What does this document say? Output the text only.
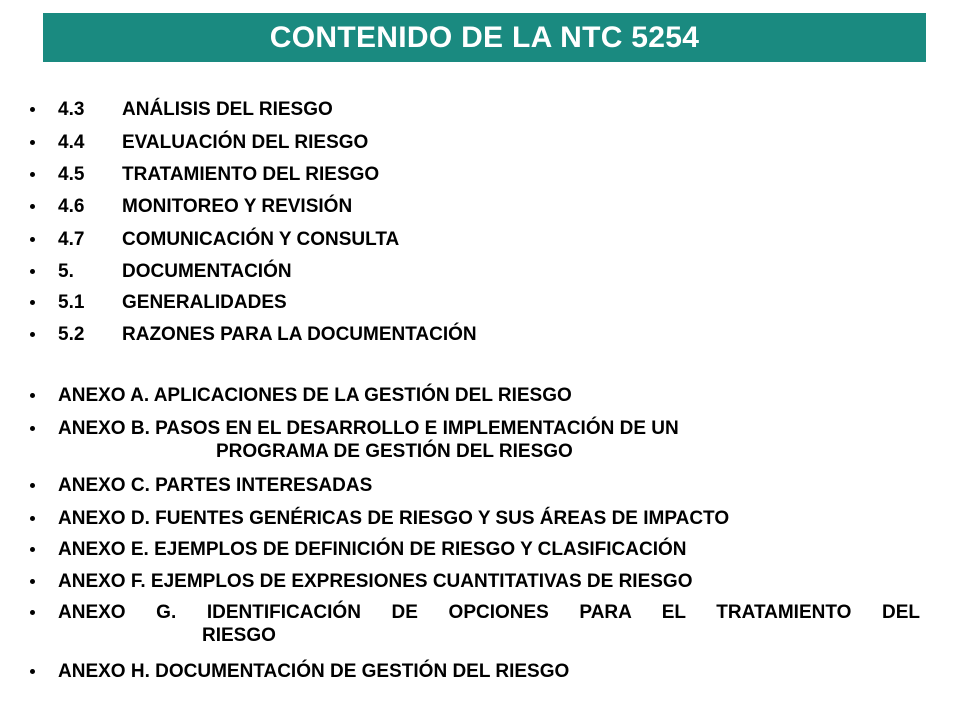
CONTENIDO DE LA NTC 5254
4.3 ANÁLISIS DEL RIESGO
4.4 EVALUACIÓN DEL RIESGO
4.5 TRATAMIENTO DEL RIESGO
4.6 MONITOREO Y REVISIÓN
4.7 COMUNICACIÓN Y CONSULTA
5.	DOCUMENTACIÓN
5.1 GENERALIDADES
5.2 RAZONES PARA LA DOCUMENTACIÓN
ANEXO A. APLICACIONES DE LA GESTIÓN DEL RIESGO
ANEXO B. PASOS EN EL DESARROLLO E IMPLEMENTACIÓN DE UN
PROGRAMA DE GESTIÓN DEL RIESGO
ANEXO C. PARTES INTERESADAS
ANEXO D. FUENTES GENÉRICAS DE RIESGO Y SUS ÁREAS DE IMPACTO
ANEXO E. EJEMPLOS DE DEFINICIÓN DE RIESGO Y CLASIFICACIÓN
ANEXO F. EJEMPLOS DE EXPRESIONES CUANTITATIVAS DE RIESGO
ANEXO G. IDENTIFICACIÓN DE OPCIONES PARA EL TRATAMIENTO DEL
RIESGO
ANEXO H. DOCUMENTACIÓN DE GESTIÓN DEL RIESGO
